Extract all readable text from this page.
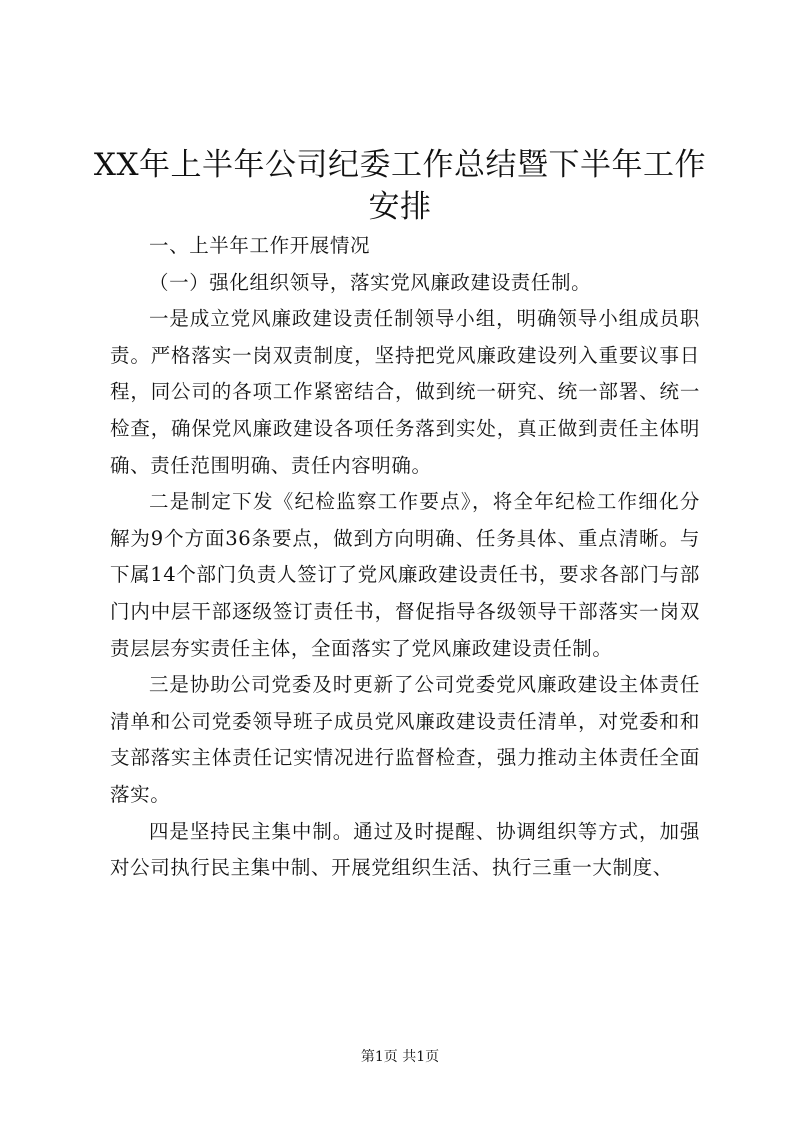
XX年上半年公司纪委工作总结暨下半年工作安排

一、上半年工作开展情况

（一）强化组织领导，落实党风廉政建设责任制。

一是成立党风廉政建设责任制领导小组，明确领导小组成员职责。严格落实一岗双责制度，坚持把党风廉政建设列入重要议事日程，同公司的各项工作紧密结合，做到统一研究、统一部署、统一检查，确保党风廉政建设各项任务落到实处，真正做到责任主体明确、责任范围明确、责任内容明确。

二是制定下发《纪检监察工作要点》，将全年纪检工作细化分解为9个方面36条要点，做到方向明确、任务具体、重点清晰。与下属14个部门负责人签订了党风廉政建设责任书，要求各部门与部门内中层干部逐级签订责任书，督促指导各级领导干部落实一岗双责层层夯实责任主体，全面落实了党风廉政建设责任制。

三是协助公司党委及时更新了公司党委党风廉政建设主体责任清单和公司党委领导班子成员党风廉政建设责任清单，对党委和和支部落实主体责任记实情况进行监督检查，强力推动主体责任全面落实。

四是坚持民主集中制。通过及时提醒、协调组织等方式，加强对公司执行民主集中制、开展党组织生活、执行三重一大制度、

第1页 共1页
